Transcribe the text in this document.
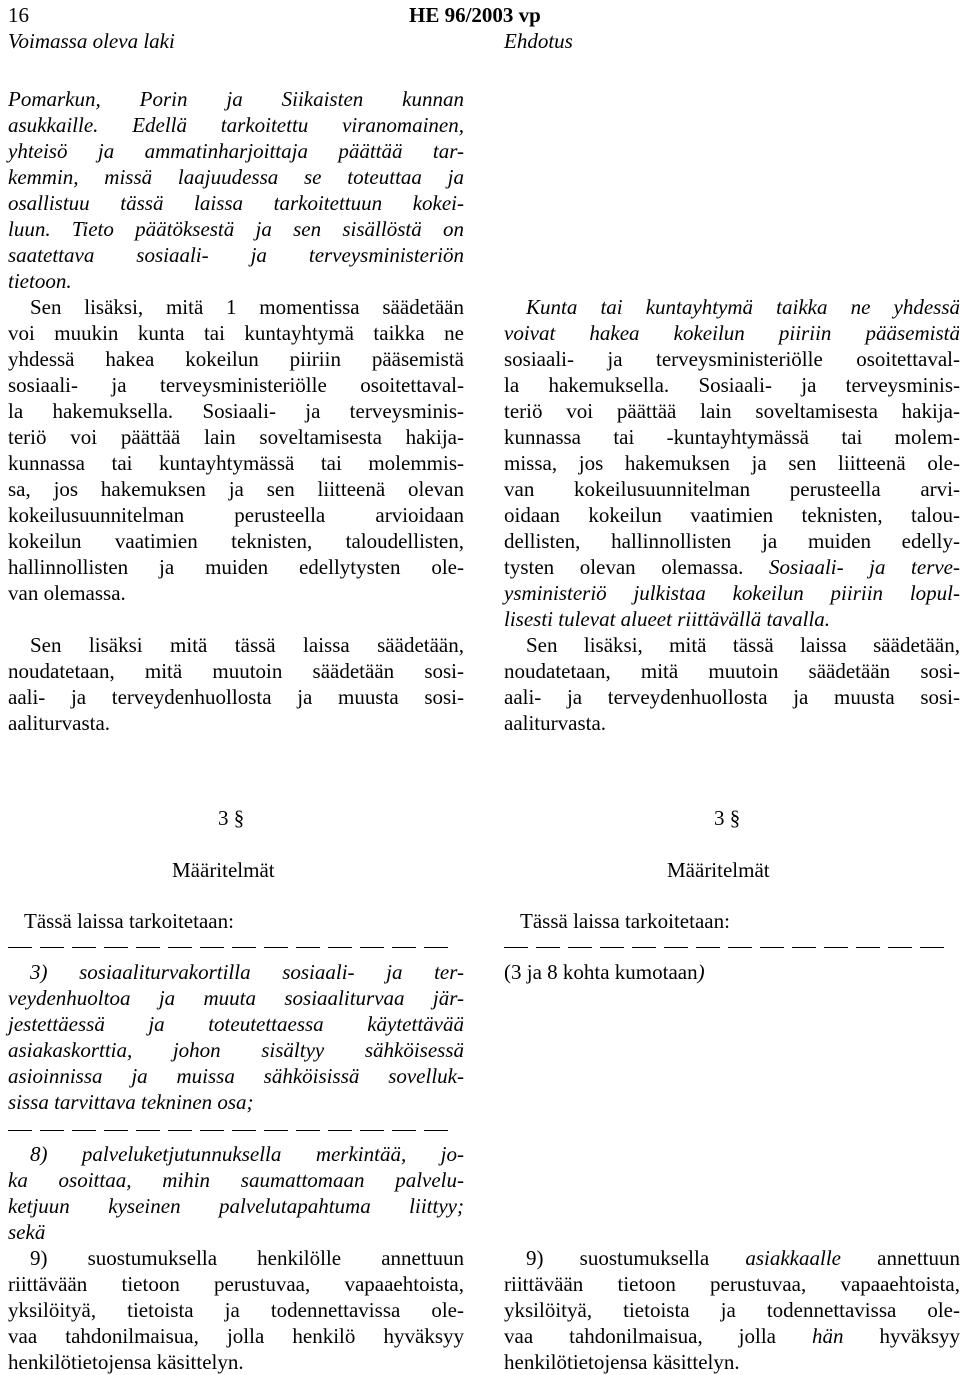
16	HE 96/2003 vp
Voimassa oleva laki	Ehdotus
Pomarkun, Porin ja Siikaisten kunnan
asukkaille. Edellä tarkoitettu viranomainen,
yhteisö ja ammatinharjoittaja päättää tar-
kemmin, missä laajuudessa se toteuttaa ja
osallistuu tässä laissa tarkoitettuun kokei-
luun. Tieto päätöksestä ja sen sisällöstä on
saatettava sosiaali- ja terveysministeriön
tietoon.
Sen lisäksi, mitä 1 momentissa säädetään
voi muukin kunta tai kuntayhtymä taikka ne
yhdessä hakea kokeilun piiriin pääsemistä
sosiaali- ja terveysministeriölle osoitettaval-
la hakemuksella. Sosiaali- ja terveysminis-
teriö voi päättää lain soveltamisesta hakija-
kunnassa tai kuntayhtymässä tai molemmis-
sa, jos hakemuksen ja sen liitteenä olevan
kokeilusuunnitelman perusteella arvioidaan
kokeilun vaatimien teknisten, taloudellisten,
hallinnollisten ja muiden edellytysten ole-
van olemassa.

Sen lisäksi mitä tässä laissa säädetään,
noudatetaan, mitä muutoin säädetään sosi-
aali- ja terveydenhuollosta ja muusta sosi-
aaliturvasta.
Kunta tai kuntayhtymä taikka ne yhdessä
voivat hakea kokeilun piiriin pääsemistä
sosiaali- ja terveysministeriölle osoitettaval-
la hakemuksella. Sosiaali- ja terveysminis-
teriö voi päättää lain soveltamisesta hakija-
kunnassa tai -kuntayhtymässä tai molem-
missa, jos hakemuksen ja sen liitteenä ole-
van kokeilusuunnitelman perusteella arvi-
oidaan kokeilun vaatimien teknisten, talou-
dellisten, hallinnollisten ja muiden edelly-
tysten olevan olemassa. Sosiaali- ja terve-
ysministeriö julkistaa kokeilun piiriin lopul-
lisesti tulevat alueet riittävällä tavalla.
Sen lisäksi, mitä tässä laissa säädetään,
noudatetaan, mitä muutoin säädetään sosi-
aali- ja terveydenhuollosta ja muusta sosi-
aaliturvasta.
3 §
Määritelmät
Tässä laissa tarkoitetaan:
3 §
Määritelmät
Tässä laissa tarkoitetaan:
3) sosiaaliturvakortilla sosiaali- ja ter-
veydenhuoltoa ja muuta sosiaaliturvaa jär-
jestettäessä ja toteutettaessa käytettävää
asiakaskorttia, johon sisältyy sähköisessä
asioinnissa ja muissa sähköisissä sovelluk-
sissa tarvittava tekninen osa;
8) palveluketjutunnuksella merkintää, jo-
ka osoittaa, mihin saumattomaan palvelu-
ketjuun kyseinen palvelutapahtuma liittyy;
sekä
9) suostumuksella henkilölle annettuun
riittävään tietoon perustuvaa, vapaaehtoista,
yksilöityä, tietoista ja todennettavissa ole-
vaa tahdonilmaisua, jolla henkilö hyväksyy
henkilötietojensa käsittelyn.
(3 ja 8 kohta kumotaan)
9) suostumuksella asiakkaalle annettuun
riittävään tietoon perustuvaa, vapaaehtoista,
yksilöityä, tietoista ja todennettavissa ole-
vaa tahdonilmaisua, jolla hän hyväksyy
henkilötietojensa käsittelyn.
